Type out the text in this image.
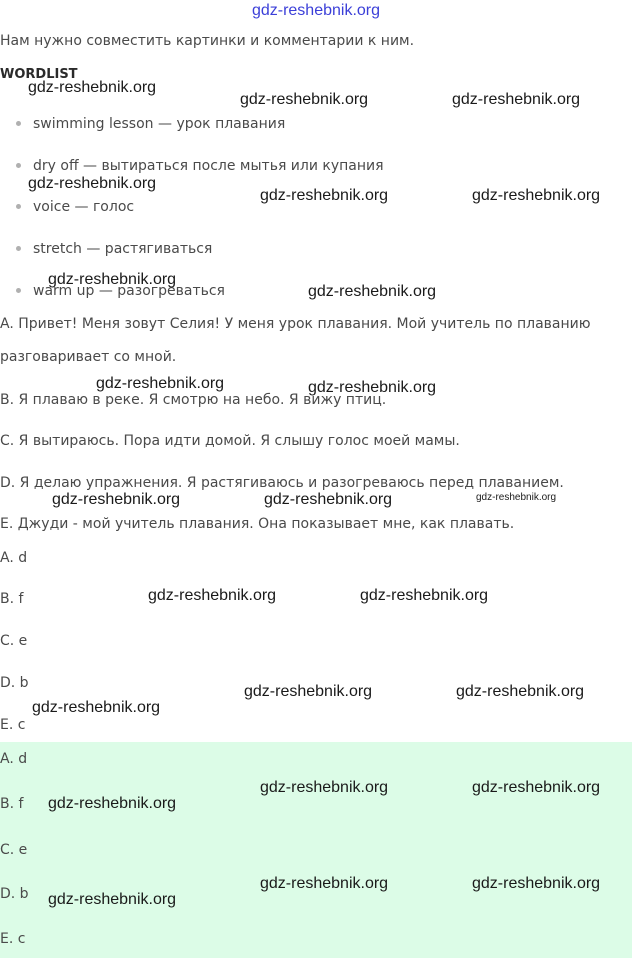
gdz-reshebnik.org
Нам нужно совместить картинки и комментарии к ним.
WORDLIST
swimming lesson — урок плавания
dry off — вытираться после мытья или купания
voice — голос
stretch — растягиваться
warm up — разогреваться
A. Привет! Меня зовут Селия! У меня урок плавания. Мой учитель по плаванию
разговаривает со мной.
B. Я плаваю в реке. Я смотрю на небо. Я вижу птиц.
C. Я вытираюсь. Пора идти домой. Я слышу голос моей мамы.
D. Я делаю упражнения. Я растягиваюсь и разогреваюсь перед плаванием.
E. Джуди - мой учитель плавания. Она показывает мне, как плавать.
A. d
B. f
C. e
D. b
E. c
A. d
B. f
C. e
D. b
E. c
gdz-reshebnik.org
gdz-reshebnik.org	gdz-reshebnik.org
gdz-reshebnik.org
gdz-reshebnik.org	gdz-reshebnik.org
gdz-reshebnik.org
gdz-reshebnik.org
gdz-reshebnik.org	gdz-reshebnik.org
gdz-reshebnik.org	gdz-reshebnik.org	gdz-reshebnik.org
gdz-reshebnik.org	gdz-reshebnik.org
gdz-reshebnik.org	gdz-reshebnik.org
gdz-reshebnik.org
gdz-reshebnik.org	gdz-reshebnik.org
gdz-reshebnik.org
gdz-reshebnik.org	gdz-reshebnik.org
gdz-reshebnik.org
